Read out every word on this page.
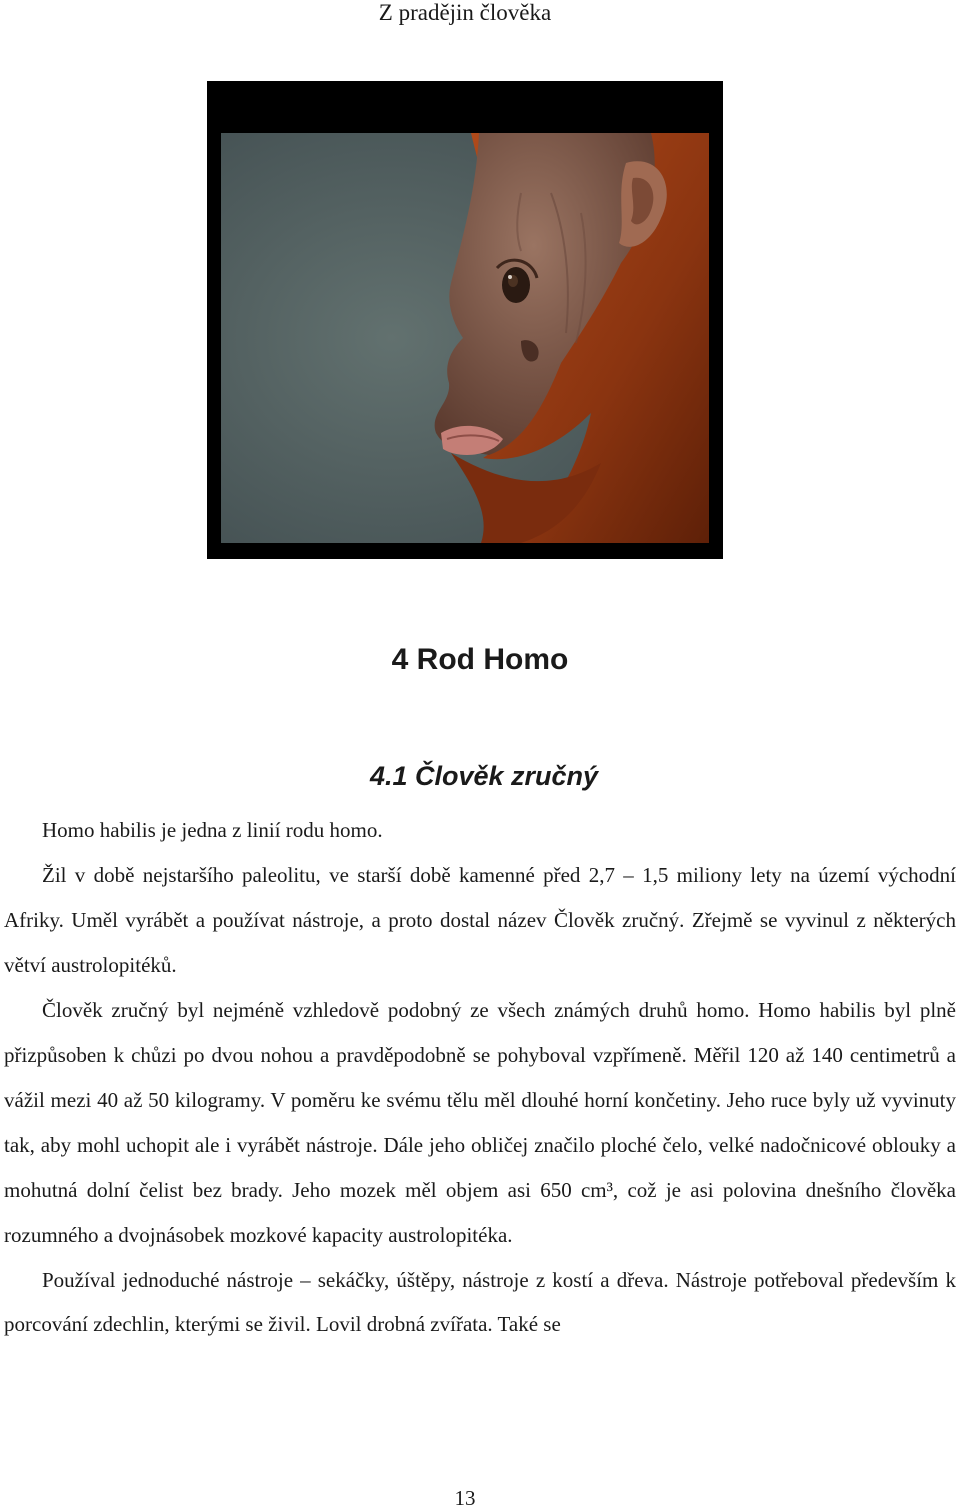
Z pradějin člověka
4 Rod Homo
4.1 Člověk zručný

Homo habilis je jedna z linií rodu homo.

Žil v době nejstaršího paleolitu, ve starší době kamenné před 2,7 – 1,5 miliony lety na území východní Afriky. Uměl vyrábět a používat nástroje, a proto dostal název Člověk zručný. Zřejmě se vyvinul z některých větví austrolopitéků.

Člověk zručný byl nejméně vzhledově podobný ze všech známých druhů homo. Homo habilis byl plně přizpůsoben k chůzi po dvou nohou a pravděpodobně se pohyboval vzpřímeně. Měřil 120 až 140 centimetrů a vážil mezi 40 až 50 kilogramy. V poměru ke svému tělu měl dlouhé horní končetiny. Jeho ruce byly už vyvinuty tak, aby mohl uchopit ale i vyrábět nástroje. Dále jeho obličej značilo ploché čelo, velké nadočnicové oblouky a mohutná dolní čelist bez brady. Jeho mozek měl objem asi 650 cm³, což je asi polovina dnešního člověka rozumného a dvojnásobek mozkové kapacity austrolopitéka.

Používal jednoduché nástroje – sekáčky, úštěpy, nástroje z kostí a dřeva. Nástroje potřeboval především k porcování zdechlin, kterými se živil. Lovil drobná zvířata. Také se

13
